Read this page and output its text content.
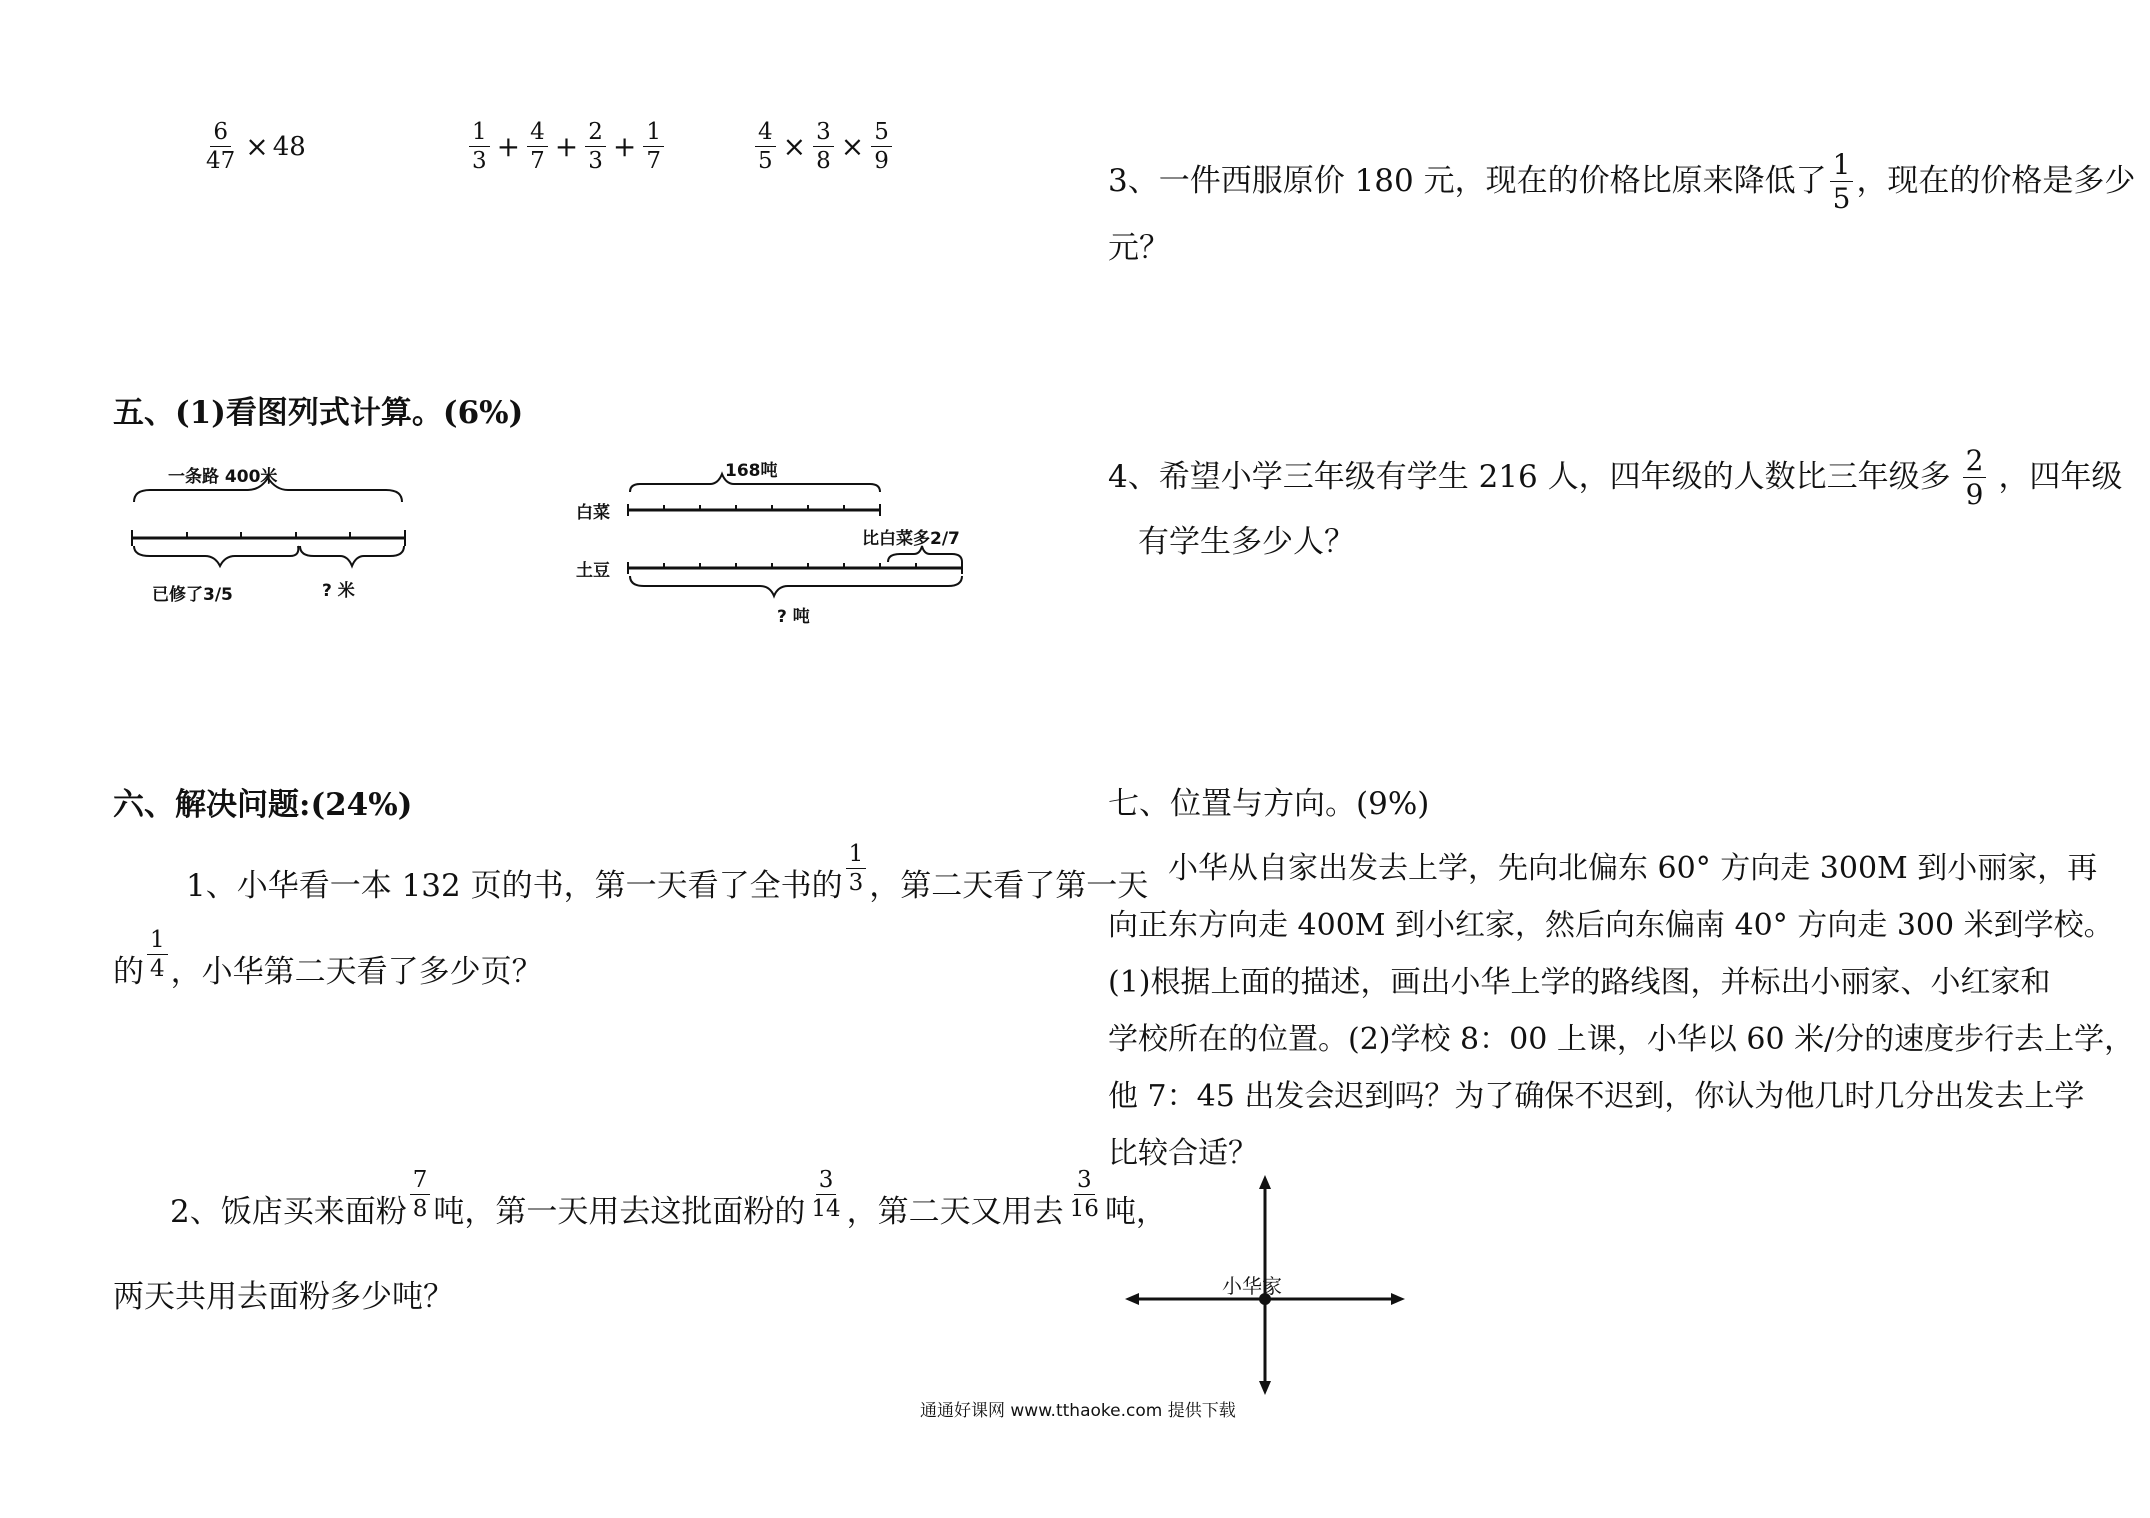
$\frac{6}{47} \times 48$	$\frac{1}{3} + \frac{4}{7} + \frac{2}{3} + \frac{1}{7}$	$\frac{4}{5} \times \frac{3}{8} \times \frac{5}{9}$
五、(1)看图列式计算。(6%)
一条路 400米
已修了3/5	? 米
168吨
白菜
比白菜多2/7
土豆
? 吨
六、解决问题:(24%)
1、小华看一本 132 页的书，第一天看了全书的 $\frac{1}{3}$ ，第二天看了第一天
的 $\frac{1}{4}$ ，小华第二天看了多少页？
2、饭店买来面粉 $\frac{7}{8}$ 吨，第一天用去这批面粉的 $\frac{3}{14}$ ，第二天又用去 $\frac{3}{16}$ 吨，
两天共用去面粉多少吨？
3、一件西服原价 180 元，现在的价格比原来降低了 $\frac{1}{5}$ ，现在的价格是多少
元？
4、希望小学三年级有学生 216 人，四年级的人数比三年级多 $\frac{2}{9}$ ，四年级
有学生多少人？
七、位置与方向。(9%)
小华从自家出发去上学，先向北偏东 60° 方向走 300M 到小丽家，再
向正东方向走 400M 到小红家，然后向东偏南 40° 方向走 300 米到学校。
(1)根据上面的描述，画出小华上学的路线图，并标出小丽家、小红家和
学校所在的位置。(2)学校 8：00 上课，小华以 60 米/分的速度步行去上学，
他 7：45 出发会迟到吗？为了确保不迟到，你认为他几时几分出发去上学
比较合适？
小华家
通通好课网 www.tthaoke.com 提供下载
